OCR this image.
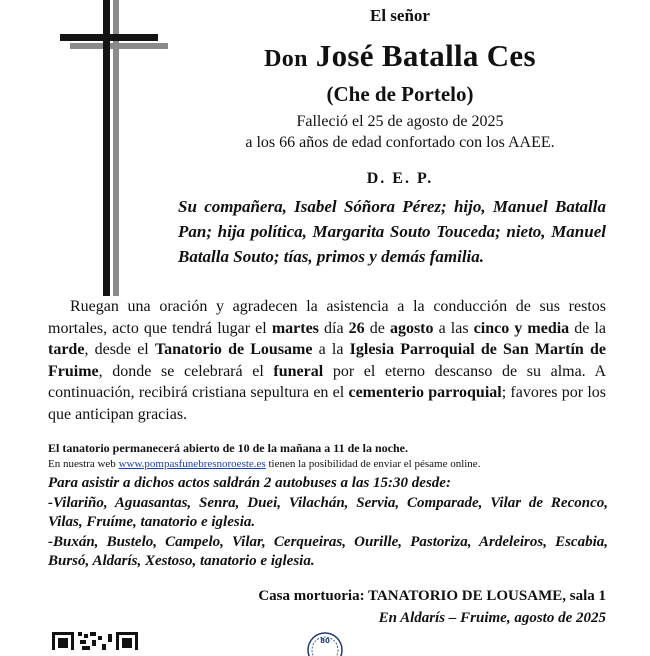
El señor
Don José Batalla Ces
(Che de Portelo)
Falleció el 25 de agosto de 2025
a los 66 años de edad confortado con los AAEE.
D. E. P.
Su compañera, Isabel Sóñora Pérez; hijo, Manuel Batalla Pan; hija política, Margarita Souto Touceda; nieto, Manuel Batalla Souto; tías, primos y demás familia.
Ruegan una oración y agradecen la asistencia a la conducción de sus restos mortales, acto que tendrá lugar el martes día 26 de agosto a las cinco y media de la tarde, desde el Tanatorio de Lousame a la Iglesia Parroquial de San Martín de Fruime, donde se celebrará el funeral por el eterno descanso de su alma. A continuación, recibirá cristiana sepultura en el cementerio parroquial; favores por los que anticipan gracias.
El tanatorio permanecerá abierto de 10 de la mañana a 11 de la noche.
En nuestra web www.pompasfunebresnoroeste.es tienen la posibilidad de enviar el pésame online.

Para asistir a dichos actos saldrán 2 autobuses a las 15:30 desde:

-Vilariño, Aguasantas, Senra, Duei, Vilachán, Servia, Comparade, Vilar de Reconco, Vilas, Fruíme, tanatorio e iglesia.

-Buxán, Bustelo, Campelo, Vilar, Cerqueiras, Ourille, Pastoriza, Ardeleiros, Escabia, Bursó, Aldarís, Xestoso, tanatorio e iglesia.

Casa mortuoria: TANATORIO DE LOUSAME, sala 1
En Aldarís – Fruime, agosto de 2025
80
